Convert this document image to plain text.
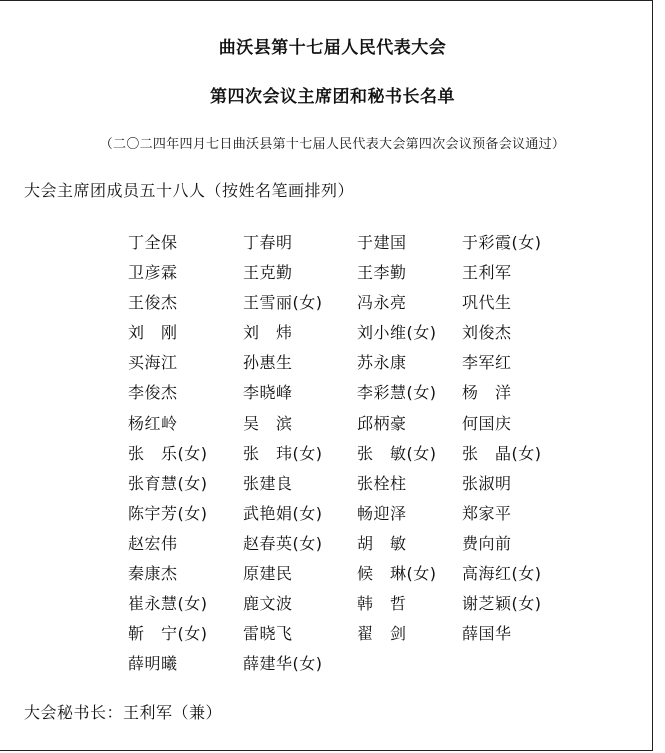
曲沃县第十七届人民代表大会
第四次会议主席团和秘书长名单
（二〇二四年四月七日曲沃县第十七届人民代表大会第四次会议预备会议通过）
大会主席团成员五十八人（按姓名笔画排列）
丁全保	丁春明	于建国	于彩霞(女)
卫彦霖	王克勤	王李勤	王利军
王俊杰	王雪丽(女)	冯永亮	巩代生
刘　刚	刘　炜	刘小维(女)	刘俊杰
买海江	孙惠生	苏永康	李军红
李俊杰	李晓峰	李彩慧(女)	杨　洋
杨红岭	吴　滨	邱柄豪	何国庆
张　乐(女)	张　玮(女)	张　敏(女)	张　晶(女)
张育慧(女)	张建良	张栓柱	张淑明
陈宇芳(女)	武艳娟(女)	畅迎泽	郑家平
赵宏伟	赵春英(女)	胡　敏	费向前
秦康杰	原建民	候　琳(女)	高海红(女)
崔永慧(女)	鹿文波	韩　哲	谢芝颖(女)
靳　宁(女)	雷晓飞	翟　剑	薛国华
薛明曦	薛建华(女)
大会秘书长：王利军（兼）
